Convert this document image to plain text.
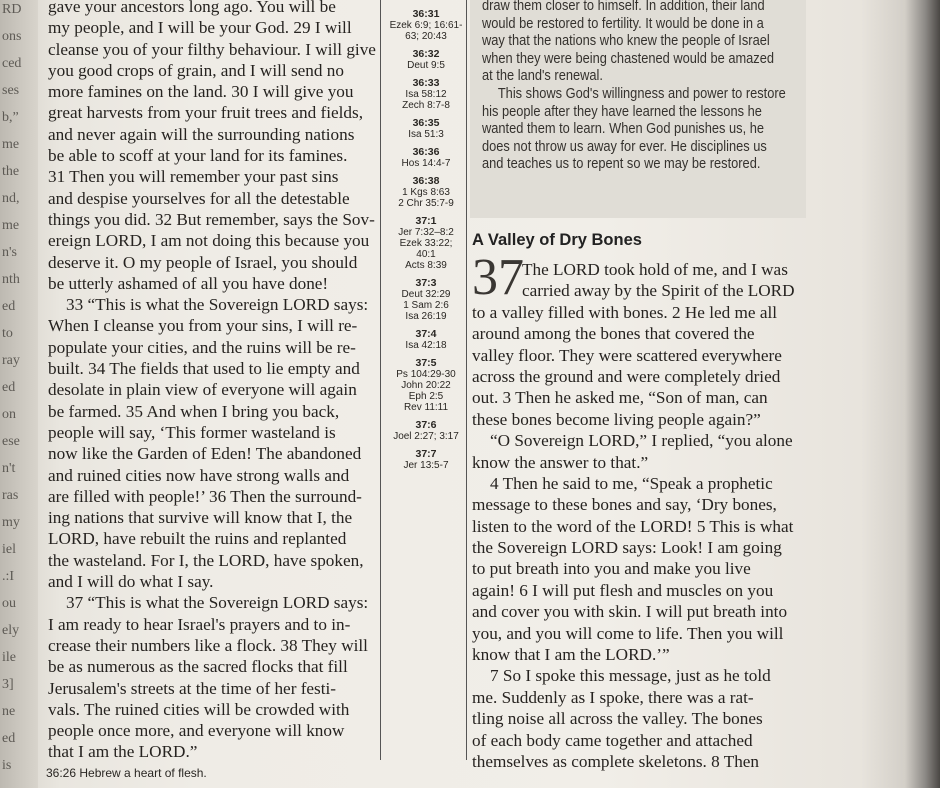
RD
ons
ced
ses
b,”
me
the
nd,
me
n's
nth
ed
to
ray
ed
on
ese
n't
ras
my
iel
.:I
ou
ely
ile
3]
ne
ed
is
gave your ancestors long ago. You will be
my people, and I will be your God. 29 I will
cleanse you of your filthy behaviour. I will give
you good crops of grain, and I will send no
more famines on the land. 30 I will give you
great harvests from your fruit trees and fields,
and never again will the surrounding nations
be able to scoff at your land for its famines.
31 Then you will remember your past sins
and despise yourselves for all the detestable
things you did. 32 But remember, says the Sov-
ereign LORD, I am not doing this because you
deserve it. O my people of Israel, you should
be utterly ashamed of all you have done!
33 “This is what the Sovereign LORD says:
When I cleanse you from your sins, I will re-
populate your cities, and the ruins will be re-
built. 34 The fields that used to lie empty and
desolate in plain view of everyone will again
be farmed. 35 And when I bring you back,
people will say, ‘This former wasteland is
now like the Garden of Eden! The abandoned
and ruined cities now have strong walls and
are filled with people!’ 36 Then the surround-
ing nations that survive will know that I, the
LORD, have rebuilt the ruins and replanted
the wasteland. For I, the LORD, have spoken,
and I will do what I say.
37 “This is what the Sovereign LORD says:
I am ready to hear Israel's prayers and to in-
crease their numbers like a flock. 38 They will
be as numerous as the sacred flocks that fill
Jerusalem's streets at the time of her festi-
vals. The ruined cities will be crowded with
people once more, and everyone will know
that I am the LORD.”
36:26 Hebrew a heart of flesh.
36:31
Ezek 6:9; 16:61-
63; 20:43
36:32
Deut 9:5
36:33
Isa 58:12
Zech 8:7-8
36:35
Isa 51:3
36:36
Hos 14:4-7
36:38
1 Kgs 8:63
2 Chr 35:7-9
37:1
Jer 7:32–8:2
Ezek 33:22;
40:1
Acts 8:39
37:3
Deut 32:29
1 Sam 2:6
Isa 26:19
37:4
Isa 42:18
37:5
Ps 104:29-30
John 20:22
Eph 2:5
Rev 11:11
37:6
Joel 2:27; 3:17
37:7
Jer 13:5-7
draw them closer to himself. In addition, their land
would be restored to fertility. It would be done in a
way that the nations who knew the people of Israel
when they were being chastened would be amazed
at the land's renewal.
This shows God's willingness and power to restore
his people after they have learned the lessons he
wanted them to learn. When God punishes us, he
does not throw us away for ever. He disciplines us
and teaches us to repent so we may be restored.
A Valley of Dry Bones
37
The LORD took hold of me, and I was
carried away by the Spirit of the LORD
to a valley filled with bones. 2 He led me all
around among the bones that covered the
valley floor. They were scattered everywhere
across the ground and were completely dried
out. 3 Then he asked me, “Son of man, can
these bones become living people again?”
“O Sovereign LORD,” I replied, “you alone
know the answer to that.”
4 Then he said to me, “Speak a prophetic
message to these bones and say, ‘Dry bones,
listen to the word of the LORD! 5 This is what
the Sovereign LORD says: Look! I am going
to put breath into you and make you live
again! 6 I will put flesh and muscles on you
and cover you with skin. I will put breath into
you, and you will come to life. Then you will
know that I am the LORD.’”
7 So I spoke this message, just as he told
me. Suddenly as I spoke, there was a rat-
tling noise all across the valley. The bones
of each body came together and attached
themselves as complete skeletons. 8 Then
